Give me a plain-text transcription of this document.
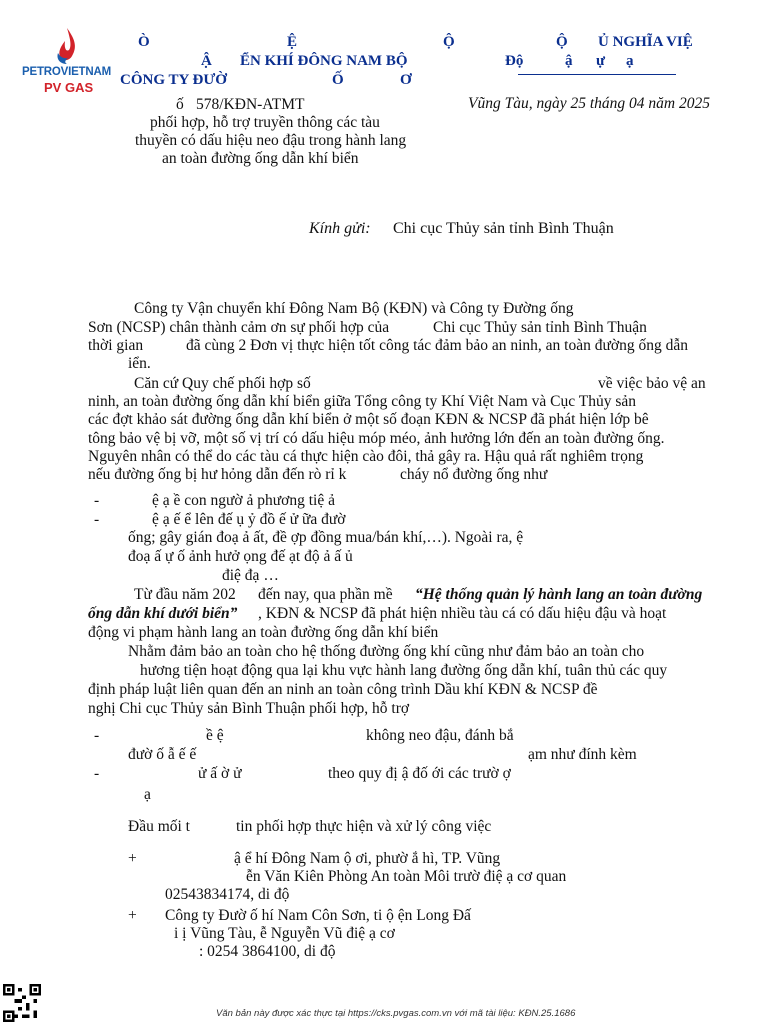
PETROVIETNAM
PV GAS
Ò	Ệ	Ộ	Ộ Ủ NGHĨA VIỆ
Ậ ỂN KHÍ ĐÔNG NAM BỘ	Độ	ậ ự ạ
CÔNG TY ĐƯỜ	Ố	Ơ
ố 578/KĐN-ATMT	Vũng Tàu, ngày 25 tháng 04 năm 2025
phối hợp, hỗ trợ truyền thông các tàu
thuyền có dấu hiệu neo đậu trong hành lang
an toàn đường ống dẫn khí biển
Kính gửi: Chi cục Thủy sản tỉnh Bình Thuận
Công ty Vận chuyển khí Đông Nam Bộ (KĐN) và Công ty Đường ống
Sơn (NCSP) chân thành cảm ơn sự phối hợp của	Chi cục Thủy sản tỉnh Bình Thuận
thời gian	đã cùng 2 Đơn vị thực hiện tốt công tác đảm bảo an ninh, an toàn đường ống dẫn
iển.
Căn cứ Quy chế phối hợp số	về việc bảo vệ an
ninh, an toàn đường ống dẫn khí biển giữa Tổng công ty Khí Việt Nam và Cục Thủy sản
các đợt khảo sát đường ống dẫn khí biển ở một số đoạn KĐN & NCSP đã phát hiện lớp bê
tông bảo vệ bị vỡ, một số vị trí có dấu hiệu móp méo, ảnh hưởng lớn đến an toàn đường ống.
Nguyên nhân có thể do các tàu cá thực hiện cào đôi, thả gây ra. Hậu quả rất nghiêm trọng
nếu đường ống bị hư hỏng dẫn đến rò rỉ k	cháy nổ đường ống như
-	ệ ạ ề con ngườ ả phương tiệ ả
-	ệ ạ ế ể lên đế ụ ỷ đồ ế ử ữa đườ
ống; gây gián đoạ ả ất, đề ợp đồng mua/bán khí,…). Ngoài ra, ệ
đoạ ấ ự ố ảnh hưở ọng đế ạt độ ả ấ ủ
điệ đạ …
Từ đầu năm 202 đến nay, qua phần mề “Hệ thống quản lý hành lang an toàn đường
ống dẫn khí dưới biển” , KĐN & NCSP đã phát hiện nhiều tàu cá có dấu hiệu đậu và hoạt
động vi phạm hành lang an toàn đường ống dẫn khí biển
Nhằm đảm bảo an toàn cho hệ thống đường ống khí cũng như đảm bảo an toàn cho
hương tiện hoạt động qua lại khu vực hành lang đường ống dẫn khí, tuân thủ các quy
định pháp luật liên quan đến an ninh an toàn công trình Dầu khí KĐN & NCSP đề
nghị Chi cục Thủy sản Bình Thuận phối hợp, hỗ trợ
-	ề ệ	không neo đậu, đánh bắ
đườ ố ẫ ế ế	ạm như đính kèm
-	ử ấ ờ ử	theo quy đị ậ đố ới các trườ ợ
ạ
Đầu mối t	tin phối hợp thực hiện và xử lý công việc
+	ậ ể hí Đông Nam ộ ơi, phườ ắ hì, TP. Vũng
ễn Văn Kiên Phòng An toàn Môi trườ điệ ạ cơ quan
02543834174, di độ
+ Công ty Đườ ố hí Nam Côn Sơn, ti ộ ện Long Đấ
i ị Vũng Tàu, ễ Nguyễn Vũ điệ ạ cơ
: 0254 3864100, di độ
Văn bản này được xác thực tại https://cks.pvgas.com.vn với mã tài liệu: KĐN.25.1686
